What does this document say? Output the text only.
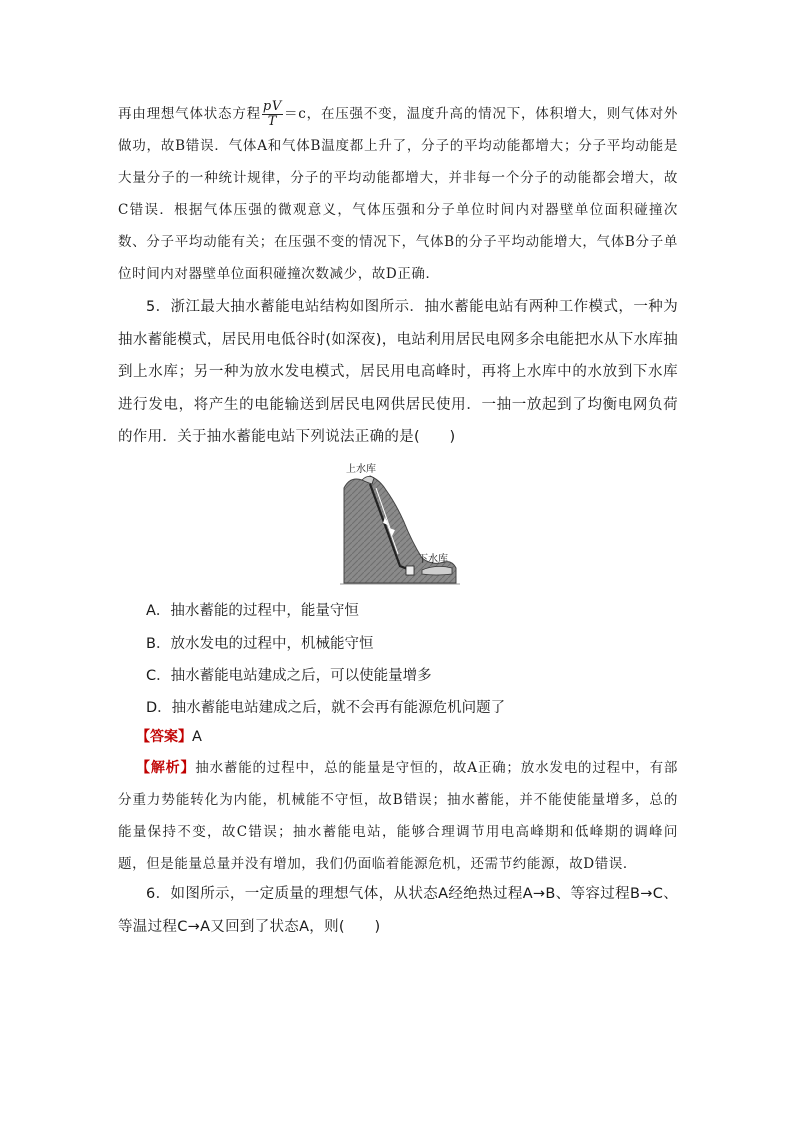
再由理想气体状态方程 $\frac{pV}{T} =c$，在压强不变，温度升高的情况下，体积增大，则气体对外做功，故B错误．气体A和气体B温度都上升了，分子的平均动能都增大；分子平均动能是大量分子的一种统计规律，分子的平均动能都增大，并非每一个分子的动能都会增大，故C错误．根据气体压强的微观意义，气体压强和分子单位时间内对器壁单位面积碰撞次数、分子平均动能有关；在压强不变的情况下，气体B的分子平均动能增大，气体B分子单位时间内对器壁单位面积碰撞次数减少，故D正确．

5．浙江最大抽水蓄能电站结构如图所示．抽水蓄能电站有两种工作模式，一种为抽水蓄能模式，居民用电低谷时(如深夜)，电站利用居民电网多余电能把水从下水库抽到上水库；另一种为放水发电模式，居民用电高峰时，再将上水库中的水放到下水库进行发电，将产生的电能输送到居民电网供居民使用．一抽一放起到了均衡电网负荷的作用．关于抽水蓄能电站下列说法正确的是(　　)

上水库
下水库
A．抽水蓄能的过程中，能量守恒
B．放水发电的过程中，机械能守恒
C．抽水蓄能电站建成之后，可以使能量增多
D．抽水蓄能电站建成之后，就不会再有能源危机问题了
【答案】A

【解析】抽水蓄能的过程中，总的能量是守恒的，故A正确；放水发电的过程中，有部分重力势能转化为内能，机械能不守恒，故B错误；抽水蓄能，并不能使能量增多，总的能量保持不变，故C错误；抽水蓄能电站，能够合理调节用电高峰期和低峰期的调峰问题，但是能量总量并没有增加，我们仍面临着能源危机，还需节约能源，故D错误．

6．如图所示，一定质量的理想气体，从状态A经绝热过程A→B、等容过程B→C、等温过程C→A又回到了状态A，则(　　)
